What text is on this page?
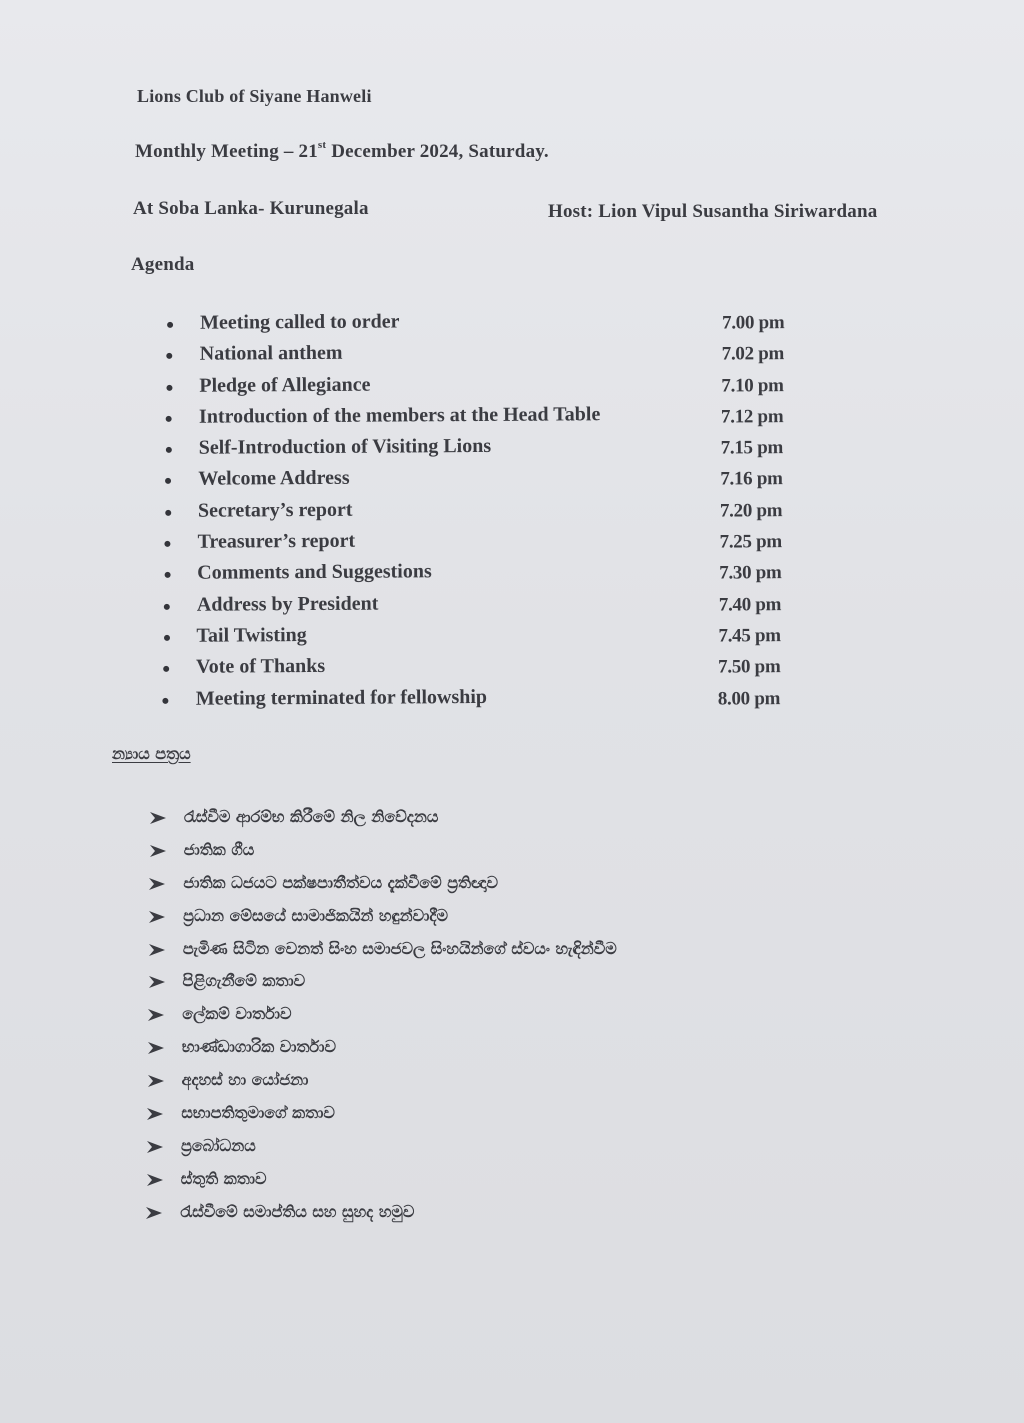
Lions Club of Siyane Hanweli
Monthly Meeting – 21st December 2024, Saturday.
At Soba Lanka- Kurunegala	Host: Lion Vipul Susantha Siriwardana
Agenda
Meeting called to order	7.00 pm
National anthem	7.02 pm
Pledge of Allegiance	7.10 pm
Introduction of the members at the Head Table	7.12 pm
Self-Introduction of Visiting Lions	7.15 pm
Welcome Address	7.16 pm
Secretary’s report	7.20 pm
Treasurer’s report	7.25 pm
Comments and Suggestions	7.30 pm
Address by President	7.40 pm
Tail Twisting	7.45 pm
Vote of Thanks	7.50 pm
Meeting terminated for fellowship	8.00 pm
න්‍යාය පත්‍රය
රැස්වීම ආරම්භ කිරීමේ නිල නිවේදනය
ජාතික ගීය
ජාතික ධජයට පක්ෂපාතීත්වය දැක්වීමේ ප්‍රතිඥාව
ප්‍රධාන මේසයේ සාමාජිකයින් හඳුන්වාදීම
පැමිණ සිටින වෙනත් සිංහ සමාජවල සිංහයින්ගේ ස්වයං හැඳින්වීම
පිළිගැනීමේ කතාව
ලේකම් වාර්තාව
භාණ්ඩාගාරික වාර්තාව
අදහස් හා යෝජනා
සභාපතිතුමාගේ කතාව
ප්‍රබෝධනය
ස්තුති කතාව
රැස්වීමේ සමාප්තිය සහ සුහද හමුව
